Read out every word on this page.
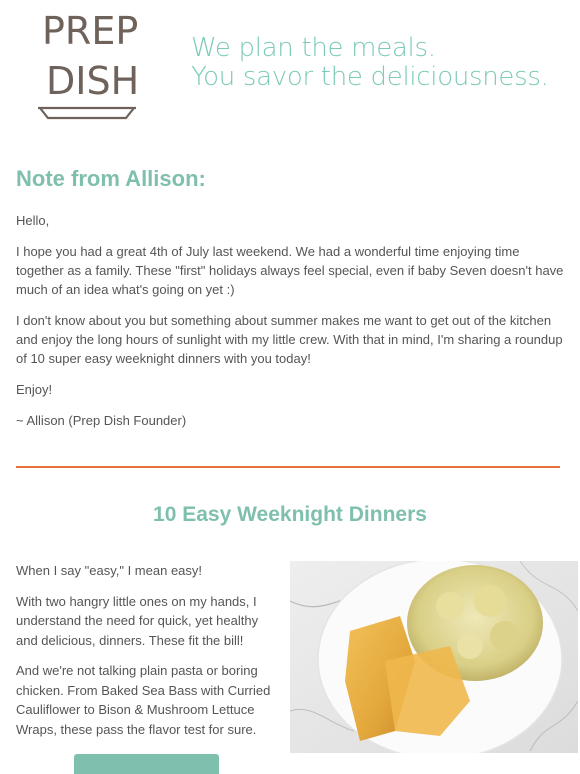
PREP
DISH
We plan the meals.
You savor the deliciousness.
Note from Allison:

Hello,

I hope you had a great 4th of July last weekend. We had a wonderful time enjoying time together as a family. These "first" holidays always feel special, even if baby Seven doesn't have much of an idea what's going on yet :)

I don't know about you but something about summer makes me want to get out of the kitchen and enjoy the long hours of sunlight with my little crew. With that in mind, I'm sharing a roundup of 10 super easy weeknight dinners with you today!

Enjoy!

~ Allison (Prep Dish Founder)

10 Easy Weeknight Dinners

When I say "easy," I mean easy!

With two hangry little ones on my hands, I understand the need for quick, yet healthy and delicious, dinners. These fit the bill!

And we're not talking plain pasta or boring chicken. From Baked Sea Bass with Curried Cauliflower to Bison & Mushroom Lettuce Wraps, these pass the flavor test for sure.
